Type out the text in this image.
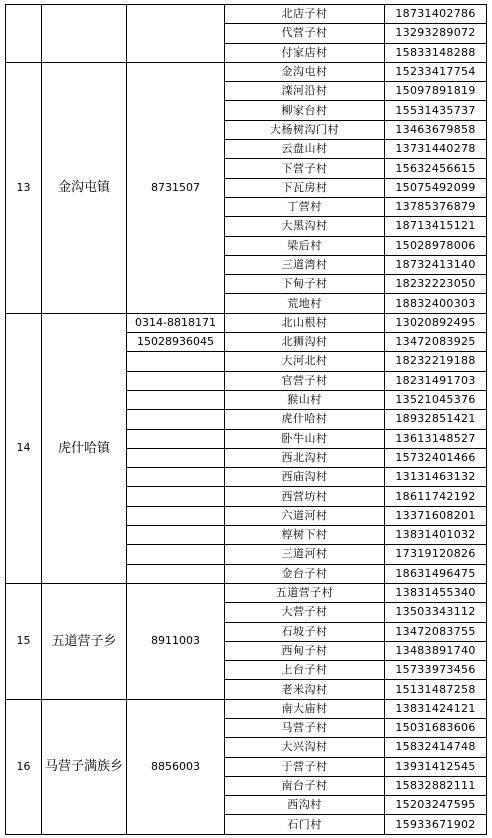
			北店子村	18731402786
			代营子村	13293289072
			付家店村	15833148288
13	金沟屯镇	8731507	金沟屯村	15233417754
			滦河沿村	15097891819
			柳家台村	15531435737
			大杨树沟门村	13463679858
			云盘山村	13731440278
			下营子村	15632456615
			下瓦房村	15075492099
			丁营村	13785376879
			大黑沟村	18713415121
			梁后村	15028978006
			三道湾村	18732413140
			下甸子村	18232223050
			荒地村	18832400303
14	虎什哈镇	0314-8818171	北山根村	13020892495
		15028936045	北狮沟村	13472083925
			大河北村	18232219188
			官营子村	18231491703
			猴山村	13521045376
			虎什哈村	18932851421
			卧牛山村	13613148527
			西北沟村	15732401466
			西庙沟村	13131463132
			西营坊村	18611742192
			六道河村	13371608201
			椁树下村	13831401032
			三道河村	17319120826
			金台子村	18631496475
15	五道营子乡	8911003	五道营子村	13831455340
			大营子村	13503343112
			石坡子村	13472083755
			西甸子村	13483891740
			上台子村	15733973456
			老米沟村	15131487258
16	马营子满族乡	8856003	南大庙村	13831424121
			马营子村	15031683606
			大兴沟村	15832414748
			于营子村	13931412545
			南台子村	15832882111
			西沟村	15203247595
			石门村	15933671902
